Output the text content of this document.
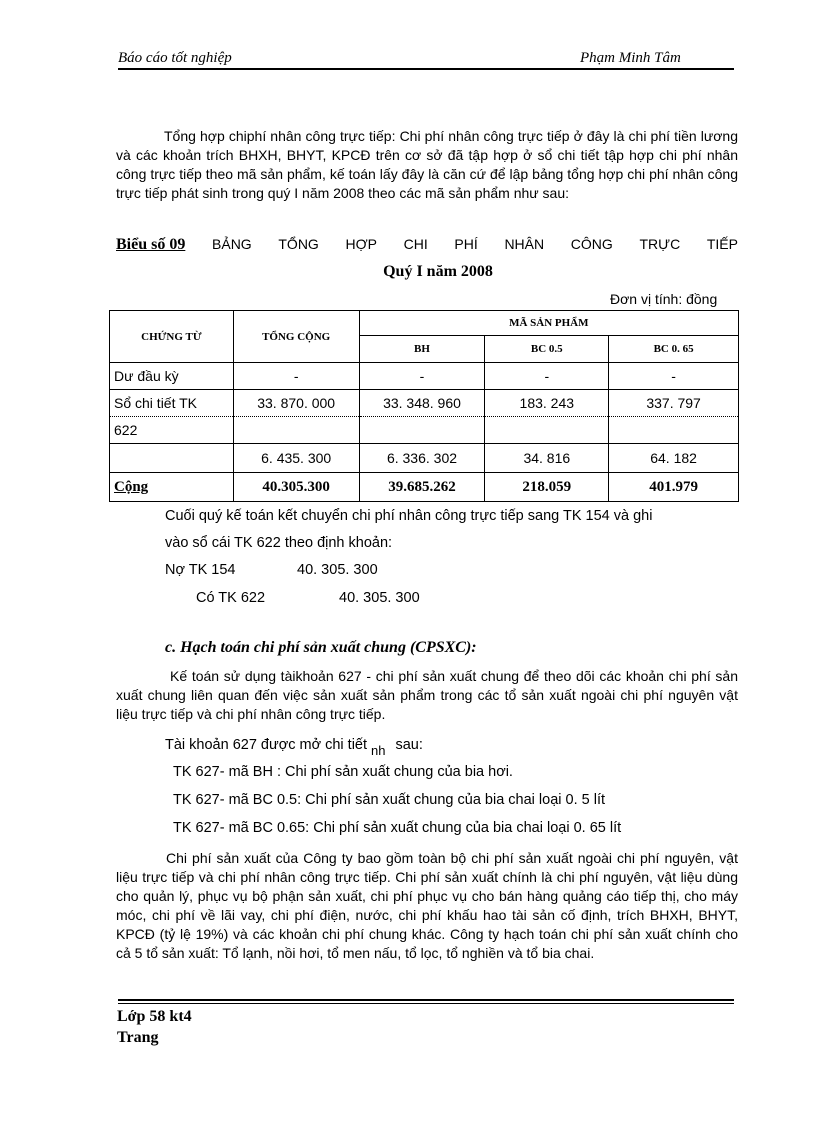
Báo cáo tốt nghiệp	Phạm Minh Tâm

Tổng hợp chiphí nhân công trực tiếp: Chi phí nhân công trực tiếp ở đây là chi phí tiền lương và các khoản trích BHXH, BHYT, KPCĐ trên cơ sở đã tập hợp ở sổ chi tiết tập hợp chi phí nhân công trực tiếp theo mã sản phẩm, kế toán lấy đây là căn cứ để lập bảng tổng hợp chi phí nhân công trực tiếp phát sinh trong quý I năm 2008 theo các mã sản phẩm như sau:

Biểu số 09 BẢNG TỔNG HỢP CHI PHÍ NHÂN CÔNG TRỰC TIẾP
Quý I năm 2008
Đơn vị tính: đồng
CHỨNG TỪ	TỔNG CỘNG	MÃ SẢN PHẨM		
		BH	BC 0.5	BC 0. 65
Dư đầu kỳ	-	-	-	-
Sổ chi tiết TK	33. 870. 000	33. 348. 960	183. 243	337. 797
622				
	6. 435. 300	6. 336. 302	34. 816	64. 182
Cộng	40.305.300	39.685.262	218.059	401.979
Cuối quý kế toán kết chuyển chi phí nhân công trực tiếp sang TK 154 và ghi
vào sổ cái TK 622 theo định khoản:
Nợ TK 154	40. 305. 300
Có TK 622	40. 305. 300
c. Hạch toán chi phí sản xuất chung (CPSXC):

Kế toán sử dụng tàikhoản 627 - chi phí sản xuất chung để theo dõi các khoản chi phí sản xuất chung liên quan đến việc sản xuất sản phẩm trong các tổ sản xuất ngoài chi phí nguyên vật liệu trực tiếp và chi phí nhân công trực tiếp.

Tài khoản 627 được mở chi tiết nh sau:
TK 627- mã BH : Chi phí sản xuất chung của bia hơi.
TK 627- mã BC 0.5: Chi phí sản xuất chung của bia chai loại 0. 5 lít
TK 627- mã BC 0.65: Chi phí sản xuất chung của bia chai loại 0. 65 lít

Chi phí sản xuất của Công ty bao gồm toàn bộ chi phí sản xuất ngoài chi phí nguyên, vật liệu trực tiếp và chi phí nhân công trực tiếp. Chi phí sản xuất chính là chi phí nguyên, vật liệu dùng cho quản lý, phục vụ bộ phận sản xuất, chi phí phục vụ cho bán hàng quảng cáo tiếp thị, cho máy móc, chi phí về lãi vay, chi phí điện, nước, chi phí khấu hao tài sản cố định, trích BHXH, BHYT, KPCĐ (tỷ lệ 19%) và các khoản chi phí chung khác. Công ty hạch toán chi phí sản xuất chính cho cả 5 tổ sản xuất: Tổ lạnh, nồi hơi, tổ men nấu, tổ lọc, tổ nghiền và tổ bia chai.

Lớp 58 kt4
Trang
